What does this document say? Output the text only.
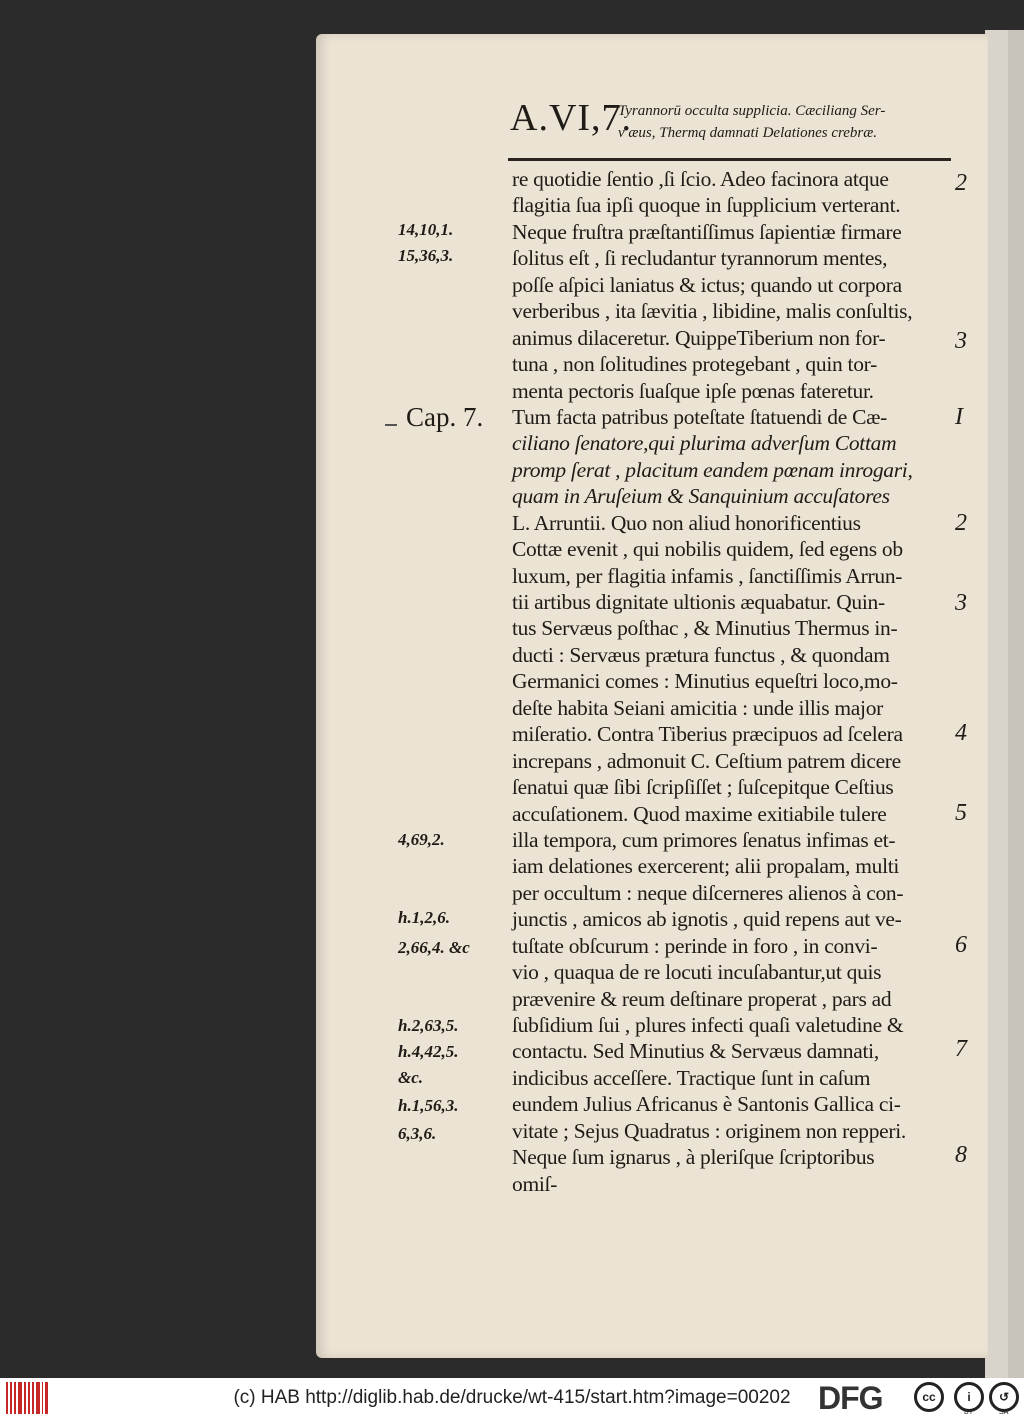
A.VI,7.
Tyrannorū occulta supplicia. Cæciliang Ser-
v æus, Thermq damnati Delationes crebræ.
re quotidie ſentio ,ſi ſcio. Adeo facinora atque
flagitia ſua ipſi quoque in ſupplicium verterant.
Neque fruſtra præſtantiſſimus ſapientiæ firmare
ſolitus eſt , ſi recludantur tyrannorum mentes,
poſſe aſpici laniatus & ictus; quando ut corpora
verberibus , ita ſævitia , libidine, malis conſultis,
animus dilaceretur. QuippeTiberium non for-
tuna , non ſolitudines protegebant , quin tor-
menta pectoris ſuaſque ipſe pœnas fateretur.
Tum facta patribus poteſtate ſtatuendi de Cæ-
ciliano ſenatore,qui plurima adverſum Cottam
promp ſerat , placitum eandem pœnam inrogari,
quam in Aruſeium & Sanquinium accuſatores
L. Arruntii. Quo non aliud honorificentius
Cottæ evenit , qui nobilis quidem, ſed egens ob
luxum, per flagitia infamis , ſanctiſſimis Arrun-
tii artibus dignitate ultionis æquabatur. Quin-
tus Servæus poſthac , & Minutius Thermus in-
ducti : Servæus prætura functus , & quondam
Germanici comes : Minutius equeſtri loco,mo-
deſte habita Seiani amicitia : unde illis major
miſeratio. Contra Tiberius præcipuos ad ſcelera
increpans , admonuit C. Ceſtium patrem dicere
ſenatui quæ ſibi ſcripſiſſet ; ſuſcepitque Ceſtius
accuſationem. Quod maxime exitiabile tulere
illa tempora, cum primores ſenatus infimas et-
iam delationes exercerent; alii propalam, multi
per occultum : neque diſcerneres alienos à con-
junctis , amicos ab ignotis , quid repens aut ve-
tuſtate obſcurum : perinde in foro , in convi-
vio , quaqua de re locuti incuſabantur,ut quis
prævenire & reum deſtinare properat , pars ad
ſubſidium ſui , plures infecti quaſi valetudine &
contactu. Sed Minutius & Servæus damnati,
indicibus acceſſere. Tractique ſunt in caſum
eundem Julius Africanus è Santonis Gallica ci-
vitate ; Sejus Quadratus : originem non repperi.
Neque ſum ignarus , à pleriſque ſcriptoribus
omiſ-
Cap. 7.
2
3
I
2
3
4
5
6
7
8
14,10,1.
15,36,3.
4,69,2.
h.1,2,6.
2,66,4. &c
h.2,63,5.
h.4,42,5.
&c.
h.1,56,3.
6,3,6.
(c) HAB http://diglib.hab.de/drucke/wt-415/start.htm?image=00202 DFG	cc	i
BY
↺
SA
